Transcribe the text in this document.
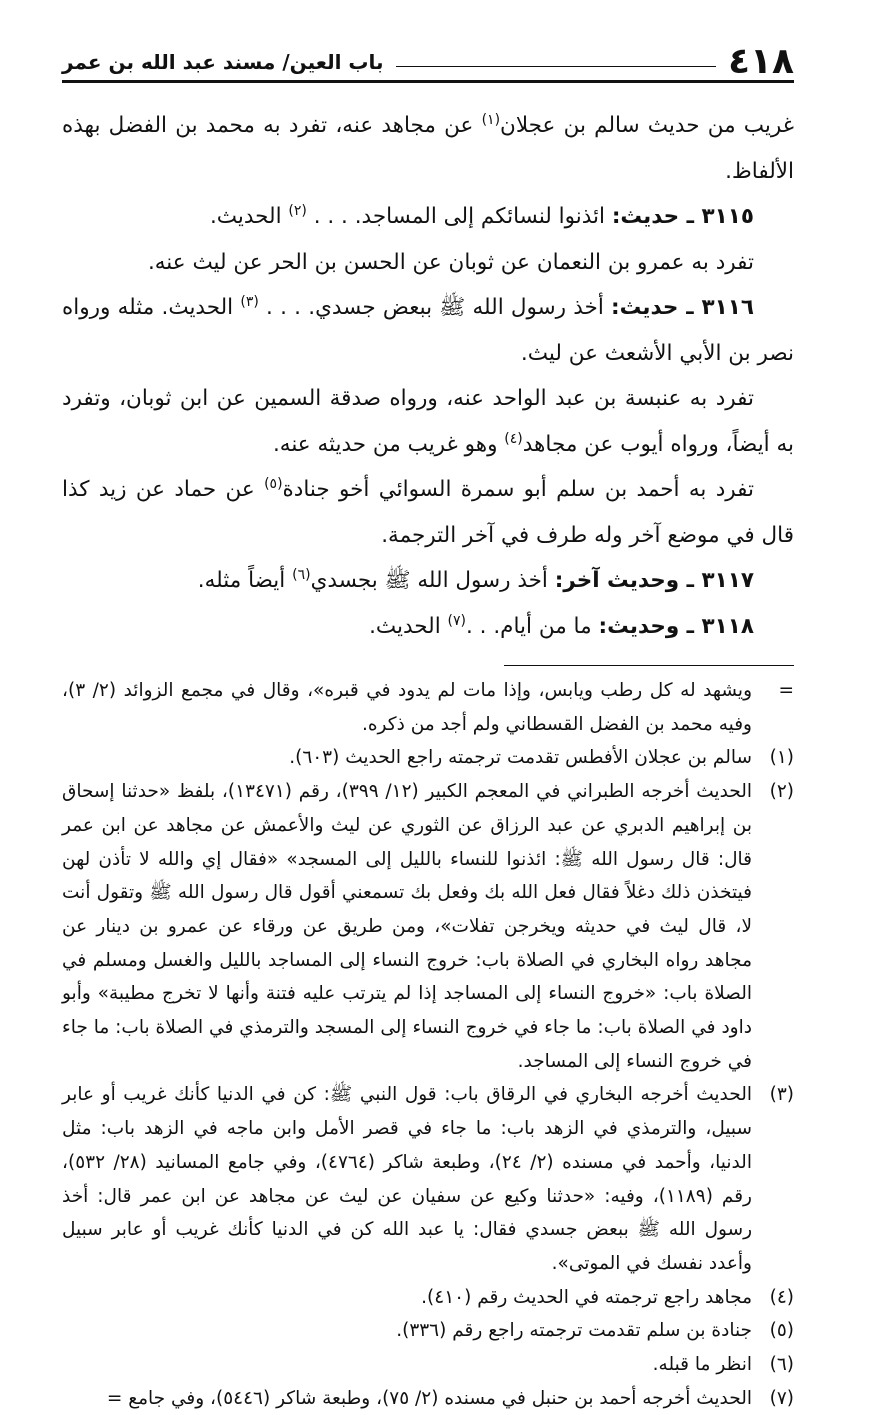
٤١٨
باب العين/ مسند عبد الله بن عمر

غريب من حديث سالم بن عجلان$^{(١)}$ عن مجاهد عنه، تفرد به محمد بن الفضل بهذه الألفاظ.

٣١١٥ ـ حديث: ائذنوا لنسائكم إلى المساجد. . . . $^{(٢)}$ الحديث.

تفرد به عمرو بن النعمان عن ثوبان عن الحسن بن الحر عن ليث عنه.

٣١١٦ ـ حديث: أخذ رسول الله ﷺ ببعض جسدي. . . . $^{(٣)}$ الحديث. مثله ورواه نصر بن الأبي الأشعث عن ليث.

تفرد به عنبسة بن عبد الواحد عنه، ورواه صدقة السمين عن ابن ثوبان، وتفرد به أيضاً، ورواه أيوب عن مجاهد$^{(٤)}$ وهو غريب من حديثه عنه.

تفرد به أحمد بن سلم أبو سمرة السوائي أخو جنادة$^{(٥)}$ عن حماد عن زيد كذا قال في موضع آخر وله طرف في آخر الترجمة.

٣١١٧ ـ وحديث آخر: أخذ رسول الله ﷺ بجسدي$^{(٦)}$ أيضاً مثله.

٣١١٨ ـ وحديث: ما من أيام. . .$^{(٧)}$ الحديث.

=
ويشهد له كل رطب ويابس، وإذا مات لم يدود في قبره»، وقال في مجمع الزوائد (٢/ ٣)، وفيه محمد بن الفضل القسطاني ولم أجد من ذكره.
(١)
سالم بن عجلان الأفطس تقدمت ترجمته راجع الحديث (٦٠٣).
(٢)
الحديث أخرجه الطبراني في المعجم الكبير (١٢/ ٣٩٩)، رقم (١٣٤٧١)، بلفظ «حدثنا إسحاق بن إبراهيم الدبري عن عبد الرزاق عن الثوري عن ليث والأعمش عن مجاهد عن ابن عمر قال: قال رسول الله ﷺ: ائذنوا للنساء بالليل إلى المسجد» «فقال إي والله لا تأذن لهن فيتخذن ذلك دغلاً فقال فعل الله بك وفعل بك تسمعني أقول قال رسول الله ﷺ وتقول أنت لا، قال ليث في حديثه ويخرجن تفلات»، ومن طريق عن ورقاء عن عمرو بن دينار عن مجاهد رواه البخاري في الصلاة باب: خروج النساء إلى المساجد بالليل والغسل ومسلم في الصلاة باب: «خروج النساء إلى المساجد إذا لم يترتب عليه فتنة وأنها لا تخرج مطيبة» وأبو داود في الصلاة باب: ما جاء في خروج النساء إلى المسجد والترمذي في الصلاة باب: ما جاء في خروج النساء إلى المساجد.
(٣)
الحديث أخرجه البخاري في الرقاق باب: قول النبي ﷺ: كن في الدنيا كأنك غريب أو عابر سبيل، والترمذي في الزهد باب: ما جاء في قصر الأمل وابن ماجه في الزهد باب: مثل الدنيا، وأحمد في مسنده (٢/ ٢٤)، وطبعة شاكر (٤٧٦٤)، وفي جامع المسانيد (٢٨/ ٥٣٢)، رقم (١١٨٩)، وفيه: «حدثنا وكيع عن سفيان عن ليث عن مجاهد عن ابن عمر قال: أخذ رسول الله ﷺ ببعض جسدي فقال: يا عبد الله كن في الدنيا كأنك غريب أو عابر سبيل وأعدد نفسك في الموتى».
(٤)
مجاهد راجع ترجمته في الحديث رقم (٤١٠).
(٥)
جنادة بن سلم تقدمت ترجمته راجع رقم (٣٣٦).
(٦)
انظر ما قبله.
(٧)
الحديث أخرجه أحمد بن حنبل في مسنده (٢/ ٧٥)، وطبعة شاكر (٥٤٤٦)، وفي جامع =
